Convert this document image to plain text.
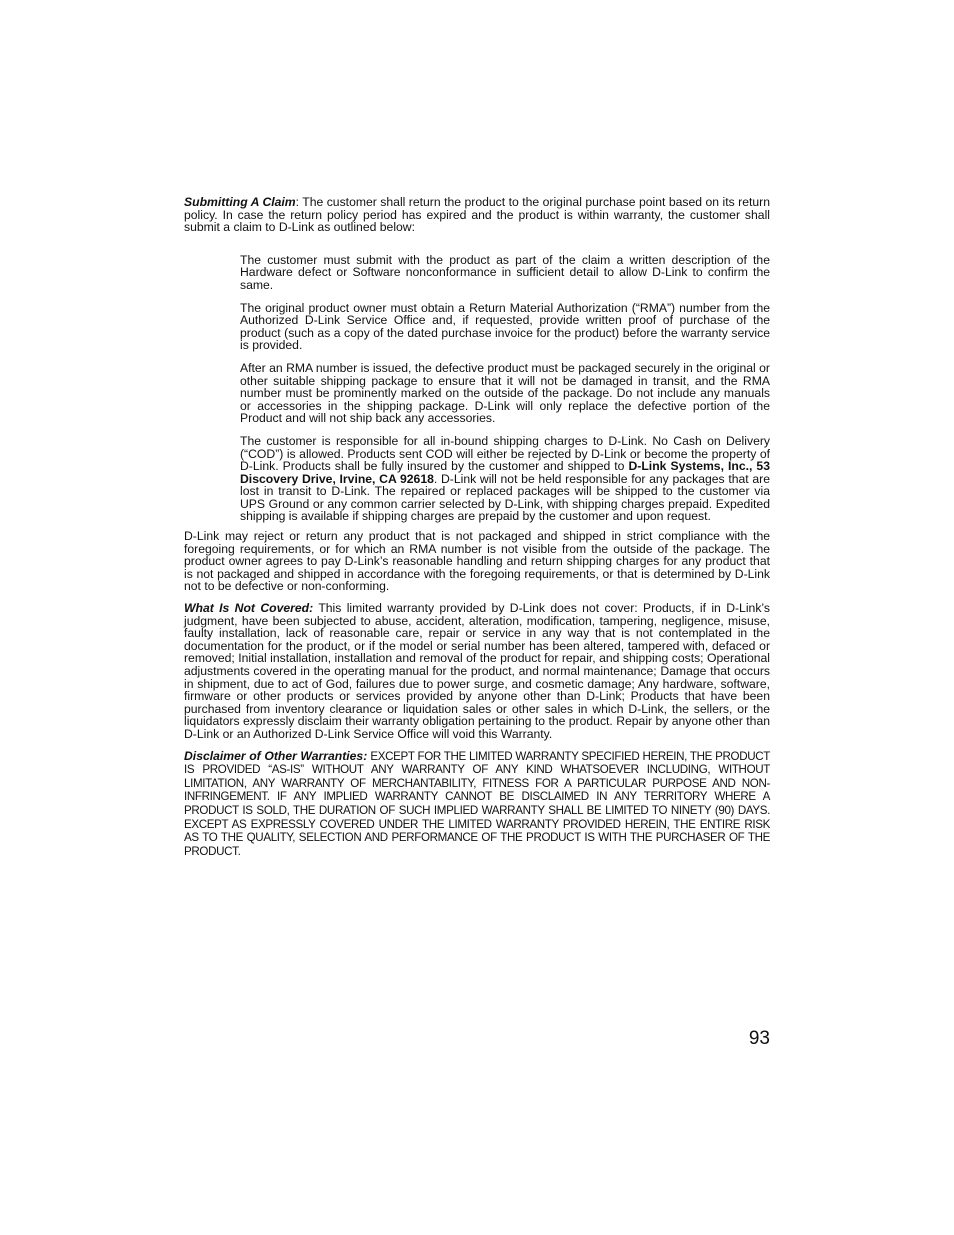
Submitting A Claim: The customer shall return the product to the original purchase point based on its return policy. In case the return policy period has expired and the product is within warranty, the customer shall submit a claim to D-Link as outlined below:

The customer must submit with the product as part of the claim a written description of the Hardware defect or Software nonconformance in sufficient detail to allow D-Link to confirm the same.

The original product owner must obtain a Return Material Authorization (“RMA”) number from the Authorized D-Link Service Office and, if requested, provide written proof of purchase of the product (such as a copy of the dated purchase invoice for the product) before the warranty service is provided.

After an RMA number is issued, the defective product must be packaged securely in the original or other suitable shipping package to ensure that it will not be damaged in transit, and the RMA number must be prominently marked on the outside of the package. Do not include any manuals or accessories in the shipping package. D-Link will only replace the defective portion of the Product and will not ship back any accessories.

The customer is responsible for all in-bound shipping charges to D-Link. No Cash on Delivery (“COD”) is allowed. Products sent COD will either be rejected by D-Link or become the property of D-Link. Products shall be fully insured by the customer and shipped to D-Link Systems, Inc., 53 Discovery Drive, Irvine, CA 92618. D-Link will not be held responsible for any packages that are lost in transit to D-Link. The repaired or replaced packages will be shipped to the customer via UPS Ground or any common carrier selected by D-Link, with shipping charges prepaid. Expedited shipping is available if shipping charges are prepaid by the customer and upon request.

D-Link may reject or return any product that is not packaged and shipped in strict compliance with the foregoing requirements, or for which an RMA number is not visible from the outside of the package. The product owner agrees to pay D-Link’s reasonable handling and return shipping charges for any product that is not packaged and shipped in accordance with the foregoing requirements, or that is determined by D-Link not to be defective or non-conforming.

What Is Not Covered: This limited warranty provided by D-Link does not cover: Products, if in D-Link’s judgment, have been subjected to abuse, accident, alteration, modification, tampering, negligence, misuse, faulty installation, lack of reasonable care, repair or service in any way that is not contemplated in the documentation for the product, or if the model or serial number has been altered, tampered with, defaced or removed; Initial installation, installation and removal of the product for repair, and shipping costs; Operational adjustments covered in the operating manual for the product, and normal maintenance; Damage that occurs in shipment, due to act of God, failures due to power surge, and cosmetic damage; Any hardware, software, firmware or other products or services provided by anyone other than D-Link; Products that have been purchased from inventory clearance or liquidation sales or other sales in which D-Link, the sellers, or the liquidators expressly disclaim their warranty obligation pertaining to the product. Repair by anyone other than D-Link or an Authorized D-Link Service Office will void this Warranty.

Disclaimer of Other Warranties: EXCEPT FOR THE LIMITED WARRANTY SPECIFIED HEREIN, THE PRODUCT IS PROVIDED “AS-IS” WITHOUT ANY WARRANTY OF ANY KIND WHATSOEVER INCLUDING, WITHOUT LIMITATION, ANY WARRANTY OF MERCHANTABILITY, FITNESS FOR A PARTICULAR PURPOSE AND NON-INFRINGEMENT. IF ANY IMPLIED WARRANTY CANNOT BE DISCLAIMED IN ANY TERRITORY WHERE A PRODUCT IS SOLD, THE DURATION OF SUCH IMPLIED WARRANTY SHALL BE LIMITED TO NINETY (90) DAYS. EXCEPT AS EXPRESSLY COVERED UNDER THE LIMITED WARRANTY PROVIDED HEREIN, THE ENTIRE RISK AS TO THE QUALITY, SELECTION AND PERFORMANCE OF THE PRODUCT IS WITH THE PURCHASER OF THE PRODUCT.

93
